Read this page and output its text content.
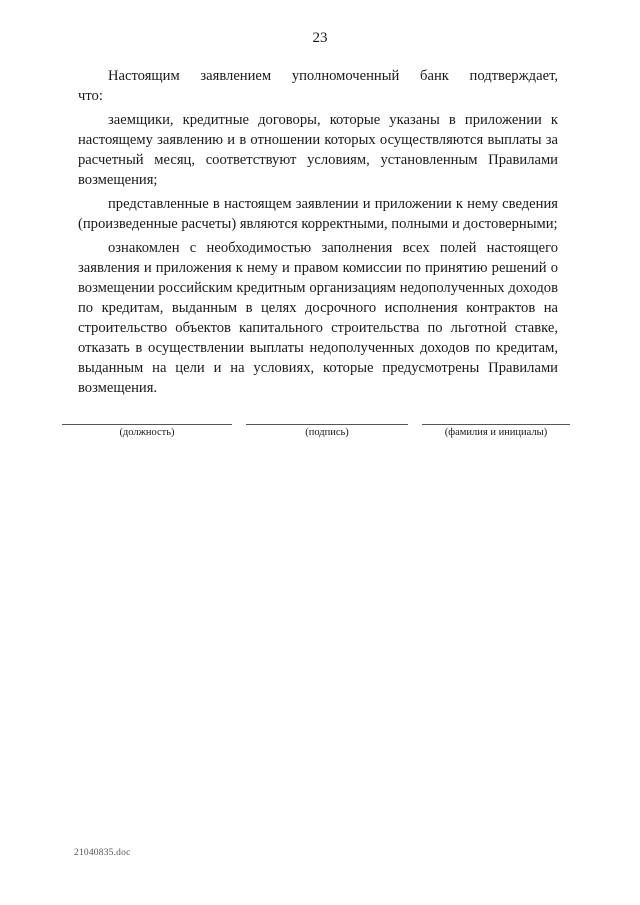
23

Настоящим заявлением уполномоченный банк подтверждает,

что:

заемщики, кредитные договоры, которые указаны в приложении к настоящему заявлению и в отношении которых осуществляются выплаты за расчетный месяц, соответствуют условиям, установленным Правилами возмещения;

представленные в настоящем заявлении и приложении к нему сведения (произведенные расчеты) являются корректными, полными и достоверными;

ознакомлен с необходимостью заполнения всех полей настоящего заявления и приложения к нему и правом комиссии по принятию решений о возмещении российским кредитным организациям недополученных доходов по кредитам, выданным в целях досрочного исполнения контрактов на строительство объектов капитального строительства по льготной ставке, отказать в осуществлении выплаты недополученных доходов по кредитам, выданным на цели и на условиях, которые предусмотрены Правилами возмещения.

(должность)	(подпись)	(фамилия и инициалы)
21040835.doc
